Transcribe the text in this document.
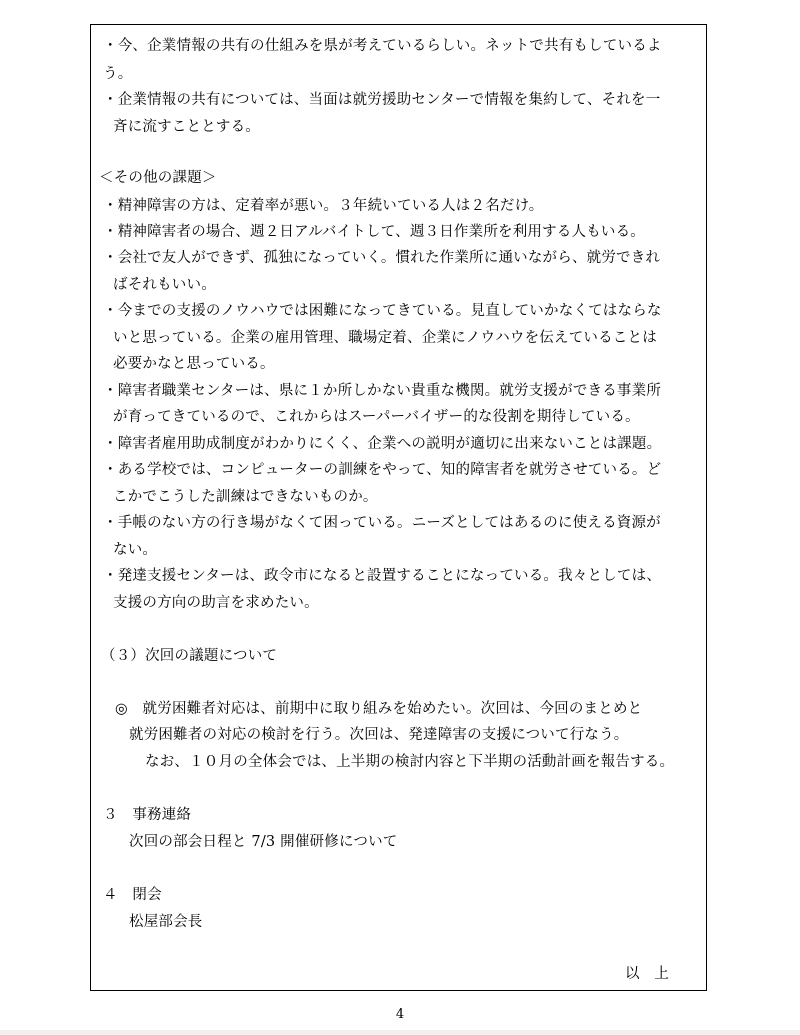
・今、企業情報の共有の仕組みを県が考えているらしい。ネットで共有もしているよ
う。
・企業情報の共有については、当面は就労援助センターで情報を集約して、それを一
斉に流すこととする。
＜その他の課題＞
・精神障害の方は、定着率が悪い。３年続いている人は２名だけ。
・精神障害者の場合、週２日アルバイトして、週３日作業所を利用する人もいる。
・会社で友人ができず、孤独になっていく。慣れた作業所に通いながら、就労できれ
ばそれもいい。
・今までの支援のノウハウでは困難になってきている。見直していかなくてはならな
いと思っている。企業の雇用管理、職場定着、企業にノウハウを伝えていることは
必要かなと思っている。
・障害者職業センターは、県に１か所しかない貴重な機関。就労支援ができる事業所
が育ってきているので、これからはスーパーバイザー的な役割を期待している。
・障害者雇用助成制度がわかりにくく、企業への説明が適切に出来ないことは課題。
・ある学校では、コンピューターの訓練をやって、知的障害者を就労させている。ど
こかでこうした訓練はできないものか。
・手帳のない方の行き場がなくて困っている。ニーズとしてはあるのに使える資源が
ない。
・発達支援センターは、政令市になると設置することになっている。我々としては、
支援の方向の助言を求めたい。
（３）次回の議題について
◎　就労困難者対応は、前期中に取り組みを始めたい。次回は、今回のまとめと
就労困難者の対応の検討を行う。次回は、発達障害の支援について行なう。
なお、１０月の全体会では、上半期の検討内容と下半期の活動計画を報告する。
３　事務連絡
次回の部会日程と 7/3 開催研修について
４　閉会
松屋部会長
以　上
4
